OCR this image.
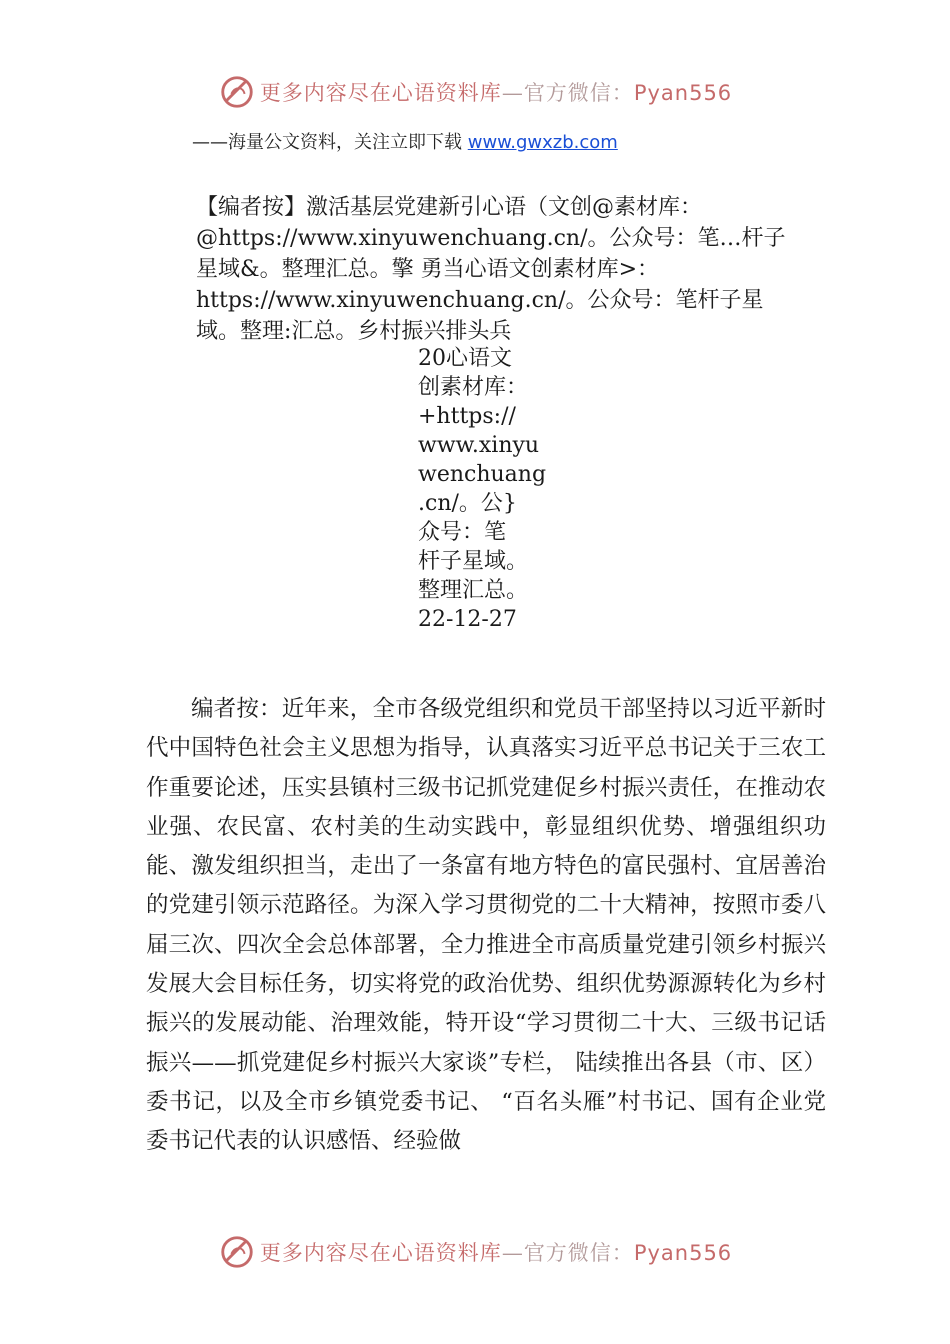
更多内容尽在心语资料库—官方微信：Pyan556
——海量公文资料，关注立即下载 www.gwxzb.com

【编者按】激活基层党建新引心语（文创@素材库：

@https://www.xinyuwenchuang.cn/。公众号：笔…杆子

星域&。整理汇总。擎 勇当心语文创素材库>：

https://www.xinyuwenchuang.cn/。公众号：笔杆子星

域。整理:汇总。乡村振兴排头兵

20心语文
创素材库：
+https://
www.xinyu
wenchuang
.cn/。公}
众号：笔
杆子星域。
整理汇总。
22-12-27

编者按：近年来，全市各级党组织和党员干部坚持以习近平新时代中国特色社会主义思想为指导，认真落实习近平总书记关于三农工作重要论述，压实县镇村三级书记抓党建促乡村振兴责任，在推动农业强、农民富、农村美的生动实践中，彰显组织优势、增强组织功能、激发组织担当，走出了一条富有地方特色的富民强村、宜居善治的党建引领示范路径。为深入学习贯彻党的二十大精神，按照市委八届三次、四次全会总体部署，全力推进全市高质量党建引领乡村振兴发展大会目标任务，切实将党的政治优势、组织优势源源转化为乡村振兴的发展动能、治理效能，特开设“学习贯彻二十大、三级书记话振兴——抓党建促乡村振兴大家谈”专栏， 陆续推出各县（市、区）委书记，以及全市乡镇党委书记、 “百名头雁”村书记、国有企业党委书记代表的认识感悟、经验做

更多内容尽在心语资料库—官方微信：Pyan556
